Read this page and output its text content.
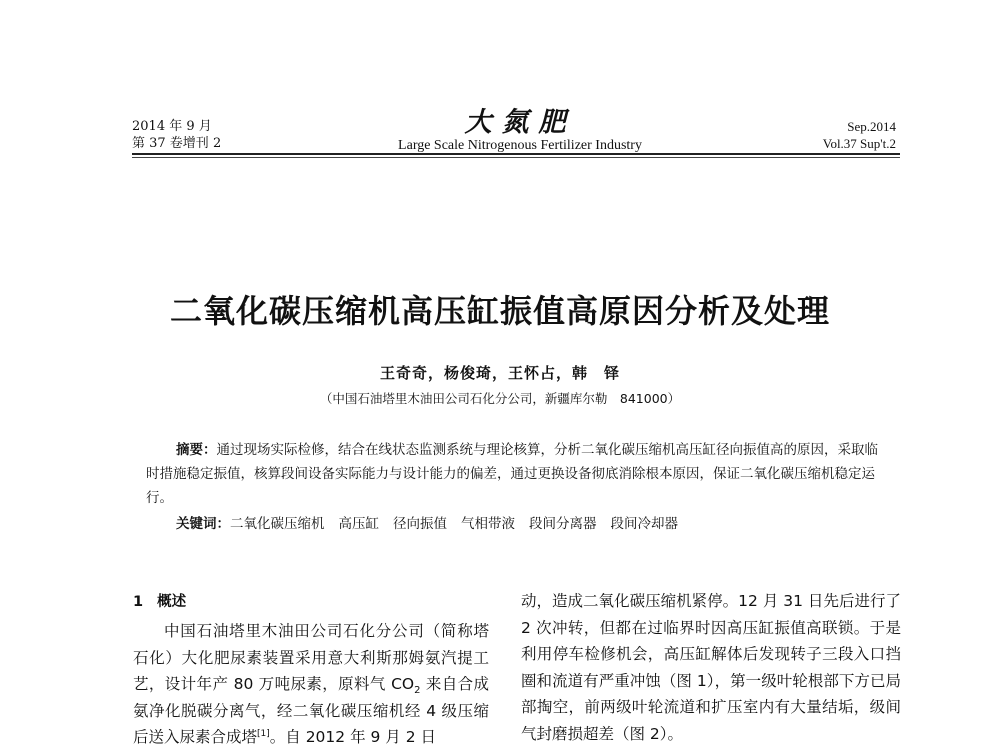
2014 年 9 月
第 37 卷增刊 2
大氮肥
Large Scale Nitrogenous Fertilizer Industry
Sep.2014
Vol.37 Sup't.2
二氧化碳压缩机高压缸振值高原因分析及处理
王奇奇，杨俊琦，王怀占，韩　铎
（中国石油塔里木油田公司石化分公司，新疆库尔勒　841000）
摘要：通过现场实际检修，结合在线状态监测系统与理论核算，分析二氧化碳压缩机高压缸径向振值高的原因，采取临时措施稳定振值，核算段间设备实际能力与设计能力的偏差，通过更换设备彻底消除根本原因，保证二氧化碳压缩机稳定运行。
关键词：二氧化碳压缩机 高压缸 径向振值 气相带液 段间分离器 段间冷却器
1 概述
中国石油塔里木油田公司石化分公司（简称塔石化）大化肥尿素装置采用意大利斯那姆氨汽提工艺，设计年产 80 万吨尿素，原料气 $CO_2$ 来自合成氨净化脱碳分离气，经二氧化碳压缩机经 4 级压缩后送入尿素合成塔[1]。自 2012 年 9 月 2 日
动，造成二氧化碳压缩机紧停。12 月 31 日先后进行了 2 次冲转，但都在过临界时因高压缸振值高联锁。于是利用停车检修机会，高压缸解体后发现转子三段入口挡圈和流道有严重冲蚀（图 1），第一级叶轮根部下方已局部掏空，前两级叶轮流道和扩压室内有大量结垢，级间气封磨损超差（图 2）。
